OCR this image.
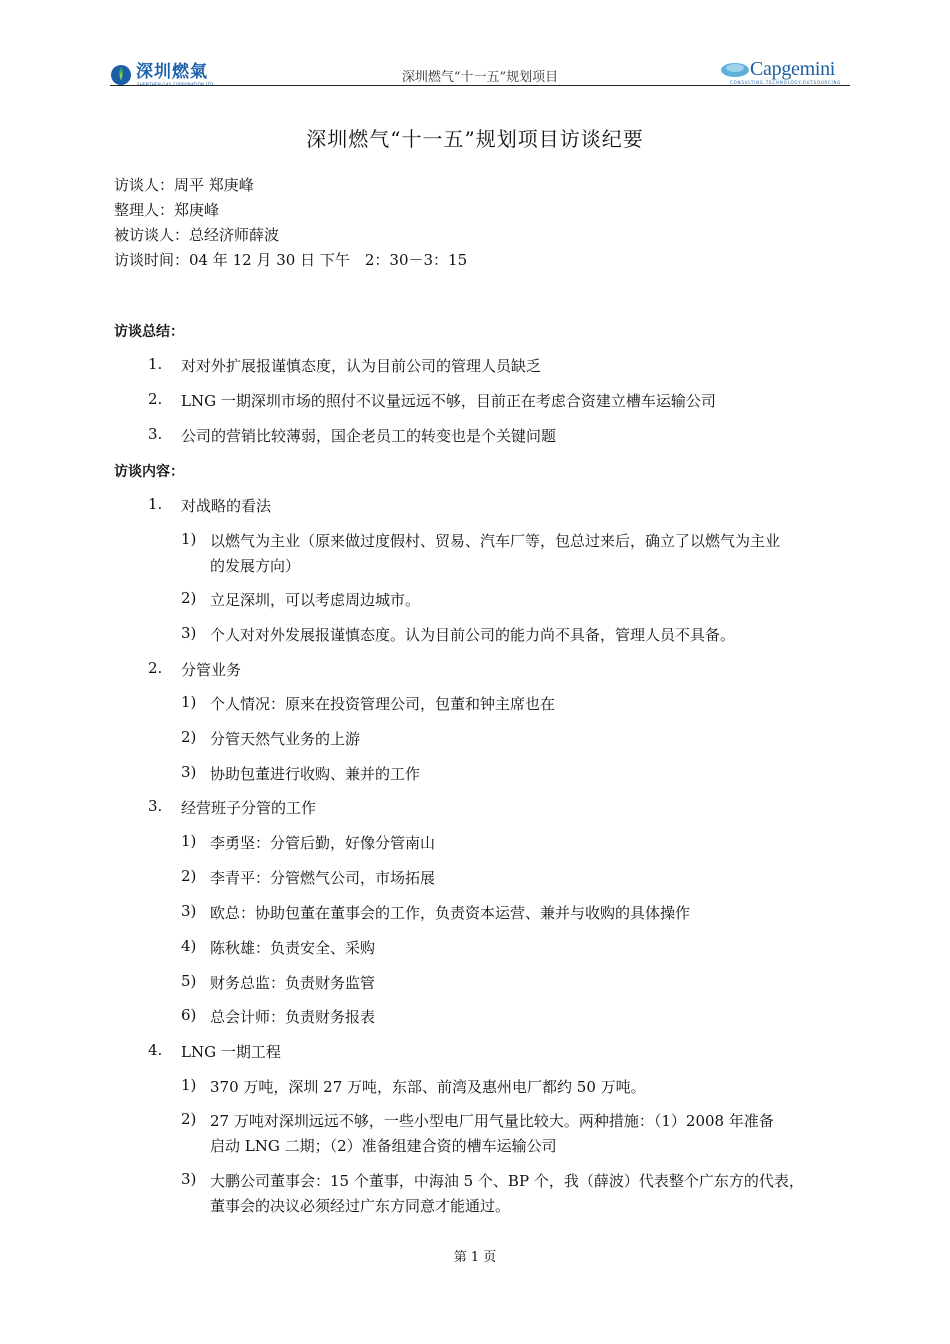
深圳燃氣	深圳燃气“十一五”规划项目	Capgemini
CONSULTING.TECHNOLOGY.OUTSOURCING
深圳燃气“十一五”规划项目访谈纪要
访谈人：周平 郑庚峰
整理人：郑庚峰
被访谈人：总经济师薛波
访谈时间：04 年 12 月 30 日 下午　2：30－3：15
访谈总结：
1. 对对外扩展报谨慎态度，认为目前公司的管理人员缺乏
2. LNG 一期深圳市场的照付不议量远远不够，目前正在考虑合资建立槽车运输公司
3. 公司的营销比较薄弱，国企老员工的转变也是个关键问题
访谈内容：
1. 对战略的看法
1) 以燃气为主业（原来做过度假村、贸易、汽车厂等，包总过来后，确立了以燃气为主业
的发展方向）
2) 立足深圳，可以考虑周边城市。
3) 个人对对外发展报谨慎态度。认为目前公司的能力尚不具备，管理人员不具备。
2. 分管业务
1) 个人情况：原来在投资管理公司，包董和钟主席也在
2) 分管天然气业务的上游
3) 协助包董进行收购、兼并的工作
3. 经营班子分管的工作
1) 李勇坚：分管后勤，好像分管南山
2) 李青平：分管燃气公司，市场拓展
3) 欧总：协助包董在董事会的工作，负责资本运营、兼并与收购的具体操作
4) 陈秋雄：负责安全、采购
5) 财务总监：负责财务监管
6) 总会计师：负责财务报表
4. LNG 一期工程
1) 370 万吨，深圳 27 万吨，东部、前湾及惠州电厂都约 50 万吨。
2) 27 万吨对深圳远远不够，一些小型电厂用气量比较大。两种措施：（1）2008 年准备
启动 LNG 二期；（2）准备组建合资的槽车运输公司
3) 大鹏公司董事会：15 个董事，中海油 5 个、BP 个，我（薛波）代表整个广东方的代表，
董事会的决议必须经过广东方同意才能通过。
第 1 页
